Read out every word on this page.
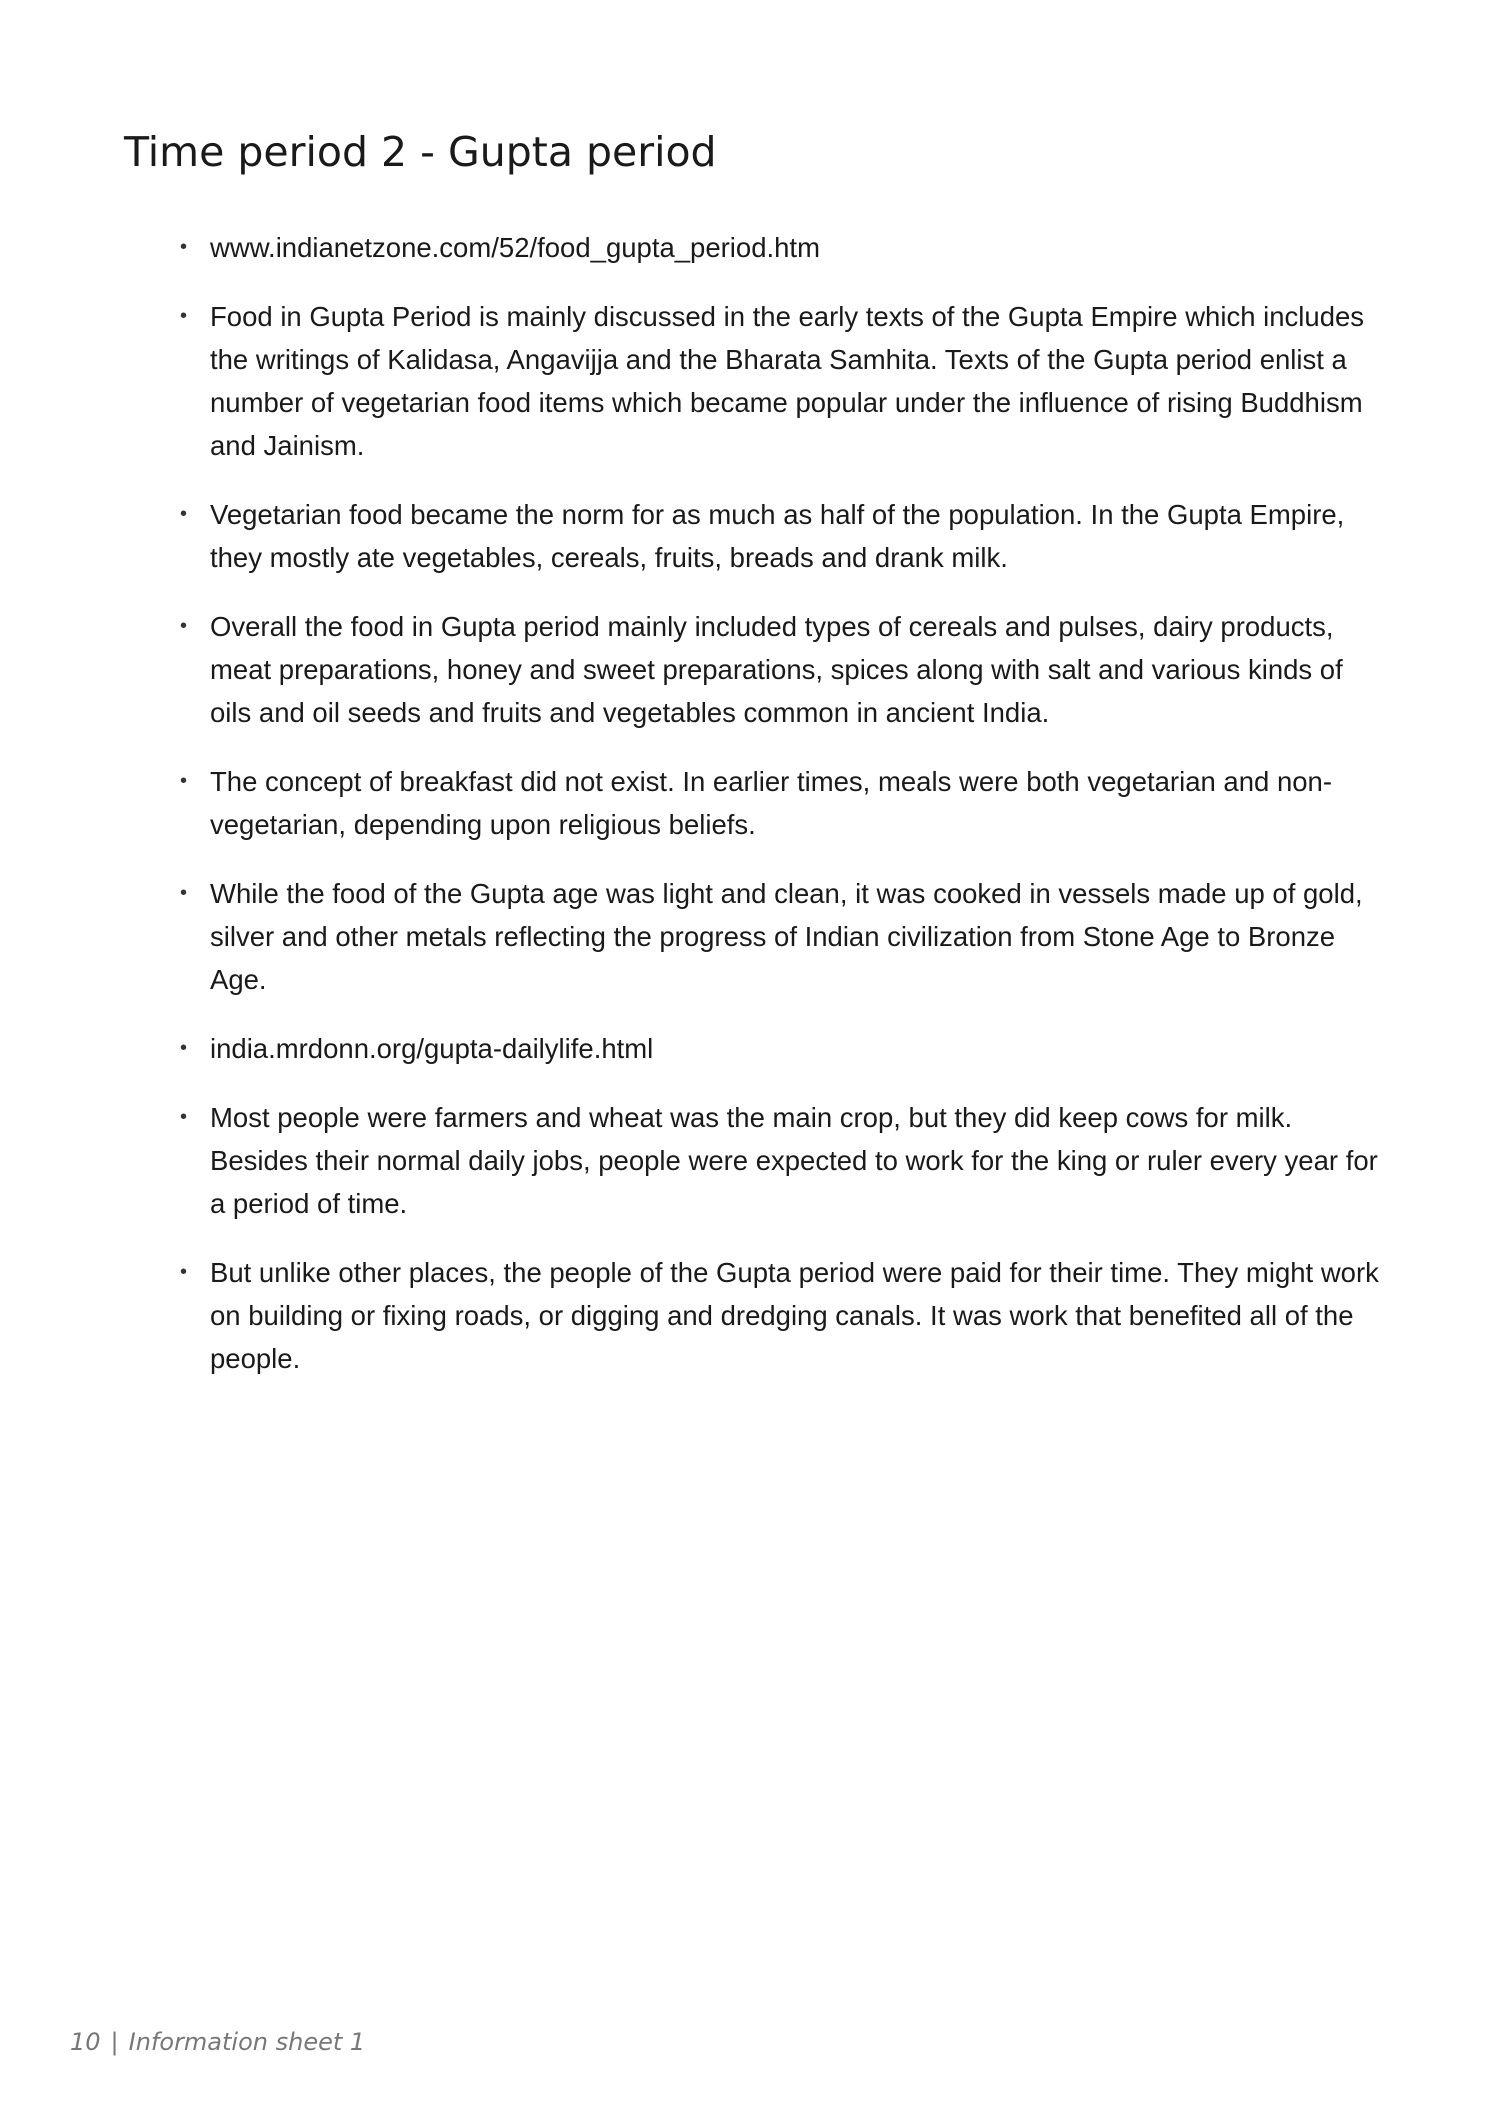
Time period 2 - Gupta period
• www.indianetzone.com/52/food_gupta_period.htm
• Food in Gupta Period is mainly discussed in the early texts of the Gupta Empire which includes the writings of Kalidasa, Angavijja and the Bharata Samhita. Texts of the Gupta period enlist a number of vegetarian food items which became popular under the influence of rising Buddhism and Jainism.
• Vegetarian food became the norm for as much as half of the population. In the Gupta Empire, they mostly ate vegetables, cereals, fruits, breads and drank milk.
• Overall the food in Gupta period mainly included types of cereals and pulses, dairy products, meat preparations, honey and sweet preparations, spices along with salt and various kinds of oils and oil seeds and fruits and vegetables common in ancient India.
• The concept of breakfast did not exist. In earlier times, meals were both vegetarian and non-vegetarian, depending upon religious beliefs.
• While the food of the Gupta age was light and clean, it was cooked in vessels made up of gold, silver and other metals reflecting the progress of Indian civilization from Stone Age to Bronze Age.
• india.mrdonn.org/gupta-dailylife.html
• Most people were farmers and wheat was the main crop, but they did keep cows for milk. Besides their normal daily jobs, people were expected to work for the king or ruler every year for a period of time.
• But unlike other places, the people of the Gupta period were paid for their time. They might work on building or fixing roads, or digging and dredging canals. It was work that benefited all of the people.
10 | Information sheet 1
